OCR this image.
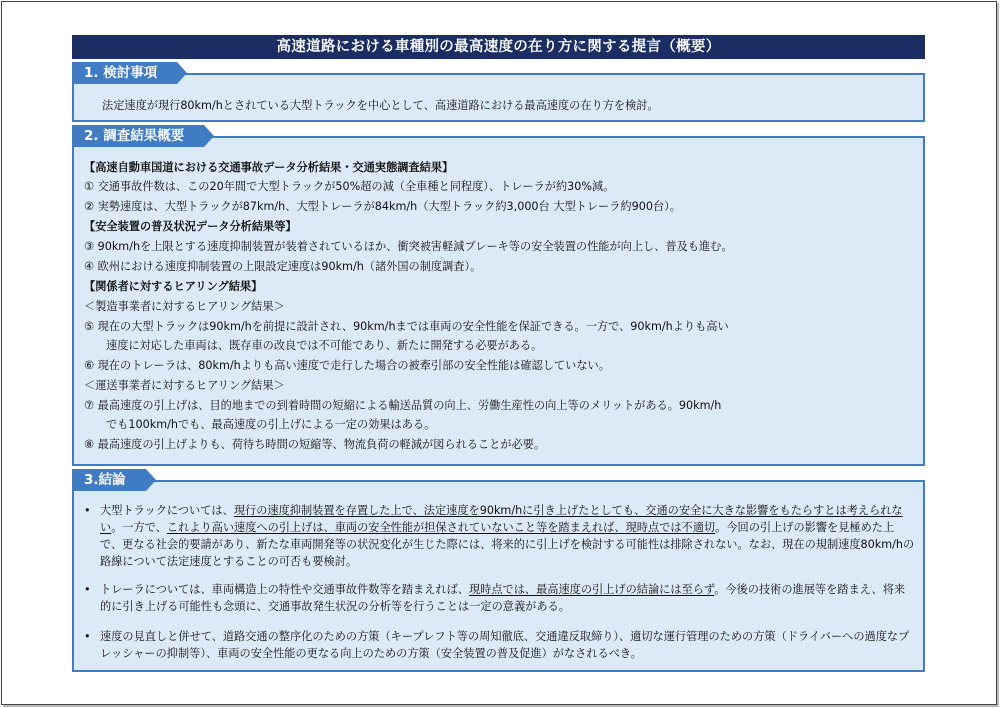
高速道路における車種別の最高速度の在り方に関する提言（概要）
1. 検討事項
法定速度が現行80km/hとされている大型トラックを中心として、高速道路における最高速度の在り方を検討。
2. 調査結果概要
【高速自動車国道における交通事故データ分析結果・交通実態調査結果】
① 交通事故件数は、この20年間で大型トラックが50%超の減（全車種と同程度）、トレーラが約30%減。
② 実勢速度は、大型トラックが87km/h、大型トレーラが84km/h（大型トラック約3,000台 大型トレーラ約900台）。
【安全装置の普及状況データ分析結果等】
③ 90km/hを上限とする速度抑制装置が装着されているほか、衝突被害軽減ブレーキ等の安全装置の性能が向上し、普及も進む。
④ 欧州における速度抑制装置の上限設定速度は90km/h（諸外国の制度調査）。
【関係者に対するヒアリング結果】
＜製造事業者に対するヒアリング結果＞
⑤ 現在の大型トラックは90km/hを前提に設計され、90km/hまでは車両の安全性能を保証できる。一方で、90km/hよりも高い
速度に対応した車両は、既存車の改良では不可能であり、新たに開発する必要がある。
⑥ 現在のトレーラは、80km/hよりも高い速度で走行した場合の被牽引部の安全性能は確認していない。
＜運送事業者に対するヒアリング結果＞
⑦ 最高速度の引上げは、目的地までの到着時間の短縮による輸送品質の向上、労働生産性の向上等のメリットがある。90km/h
でも100km/hでも、最高速度の引上げによる一定の効果はある。
⑧ 最高速度の引上げよりも、荷待ち時間の短縮等、物流負荷の軽減が図られることが必要。
3.結論
• 大型トラックについては、現行の速度抑制装置を存置した上で、法定速度を90km/hに引き上げたとしても、交通の安全に大きな影響をもたらすとは考えられない。一方で、これより高い速度への引上げは、車両の安全性能が担保されていないこと等を踏まえれば、現時点では不適切。今回の引上げの影響を見極めた上で、更なる社会的要請があり、新たな車両開発等の状況変化が生じた際には、将来的に引上げを検討する可能性は排除されない。なお、現在の規制速度80km/hの路線について法定速度とすることの可否も要検討。
• トレーラについては、車両構造上の特性や交通事故件数等を踏まえれば、現時点では、最高速度の引上げの結論には至らず。今後の技術の進展等を踏まえ、将来的に引き上げる可能性も念頭に、交通事故発生状況の分析等を行うことは一定の意義がある。
• 速度の見直しと併せて、道路交通の整序化のための方策（キープレフト等の周知徹底、交通違反取締り）、適切な運行管理のための方策（ドライバーへの過度なプレッシャーの抑制等）、車両の安全性能の更なる向上のための方策（安全装置の普及促進）がなされるべき。
